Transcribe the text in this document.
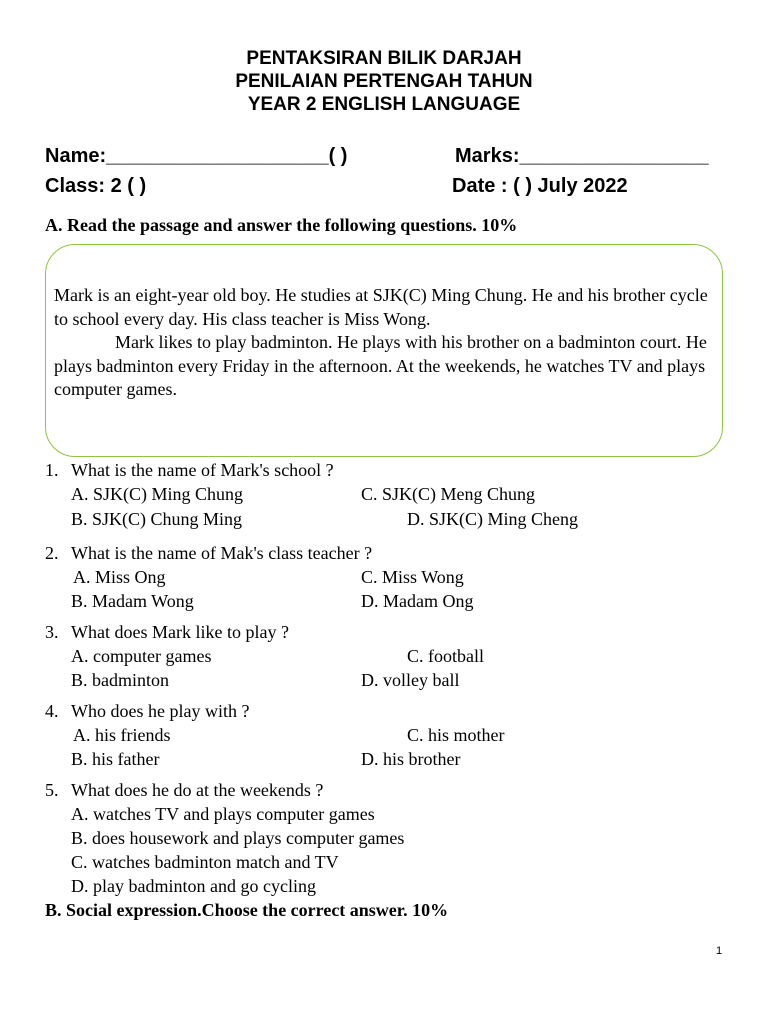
PENTAKSIRAN BILIK DARJAH
PENILAIAN PERTENGAH TAHUN
YEAR 2 ENGLISH LANGUAGE
Name:____________________( )	Marks:_________________
Class: 2 ( )	Date : ( ) July 2022
A. Read the passage and answer the following questions. 10%

Mark is an eight-year old boy. He studies at SJK(C) Ming Chung. He and his brother cycle to school every day. His class teacher is Miss Wong.

Mark likes to play badminton. He plays with his brother on a badminton court. He plays badminton every Friday in the afternoon. At the weekends, he watches TV and plays computer games.

1. What is the name of Mark's school ?
A. SJK(C) Ming Chung	C. SJK(C) Meng Chung
B. SJK(C) Chung Ming	D. SJK(C) Ming Cheng
2. What is the name of Mak's class teacher ?
A. Miss Ong	C. Miss Wong
B. Madam Wong	D. Madam Ong
3. What does Mark like to play ?
A. computer games	C. football
B. badminton	D. volley ball
4. Who does he play with ?
A. his friends	C. his mother
B. his father	D. his brother
5. What does he do at the weekends ?
A. watches TV and plays computer games
B. does housework and plays computer games
C. watches badminton match and TV
D. play badminton and go cycling
B. Social expression.Choose the correct answer. 10%
1
